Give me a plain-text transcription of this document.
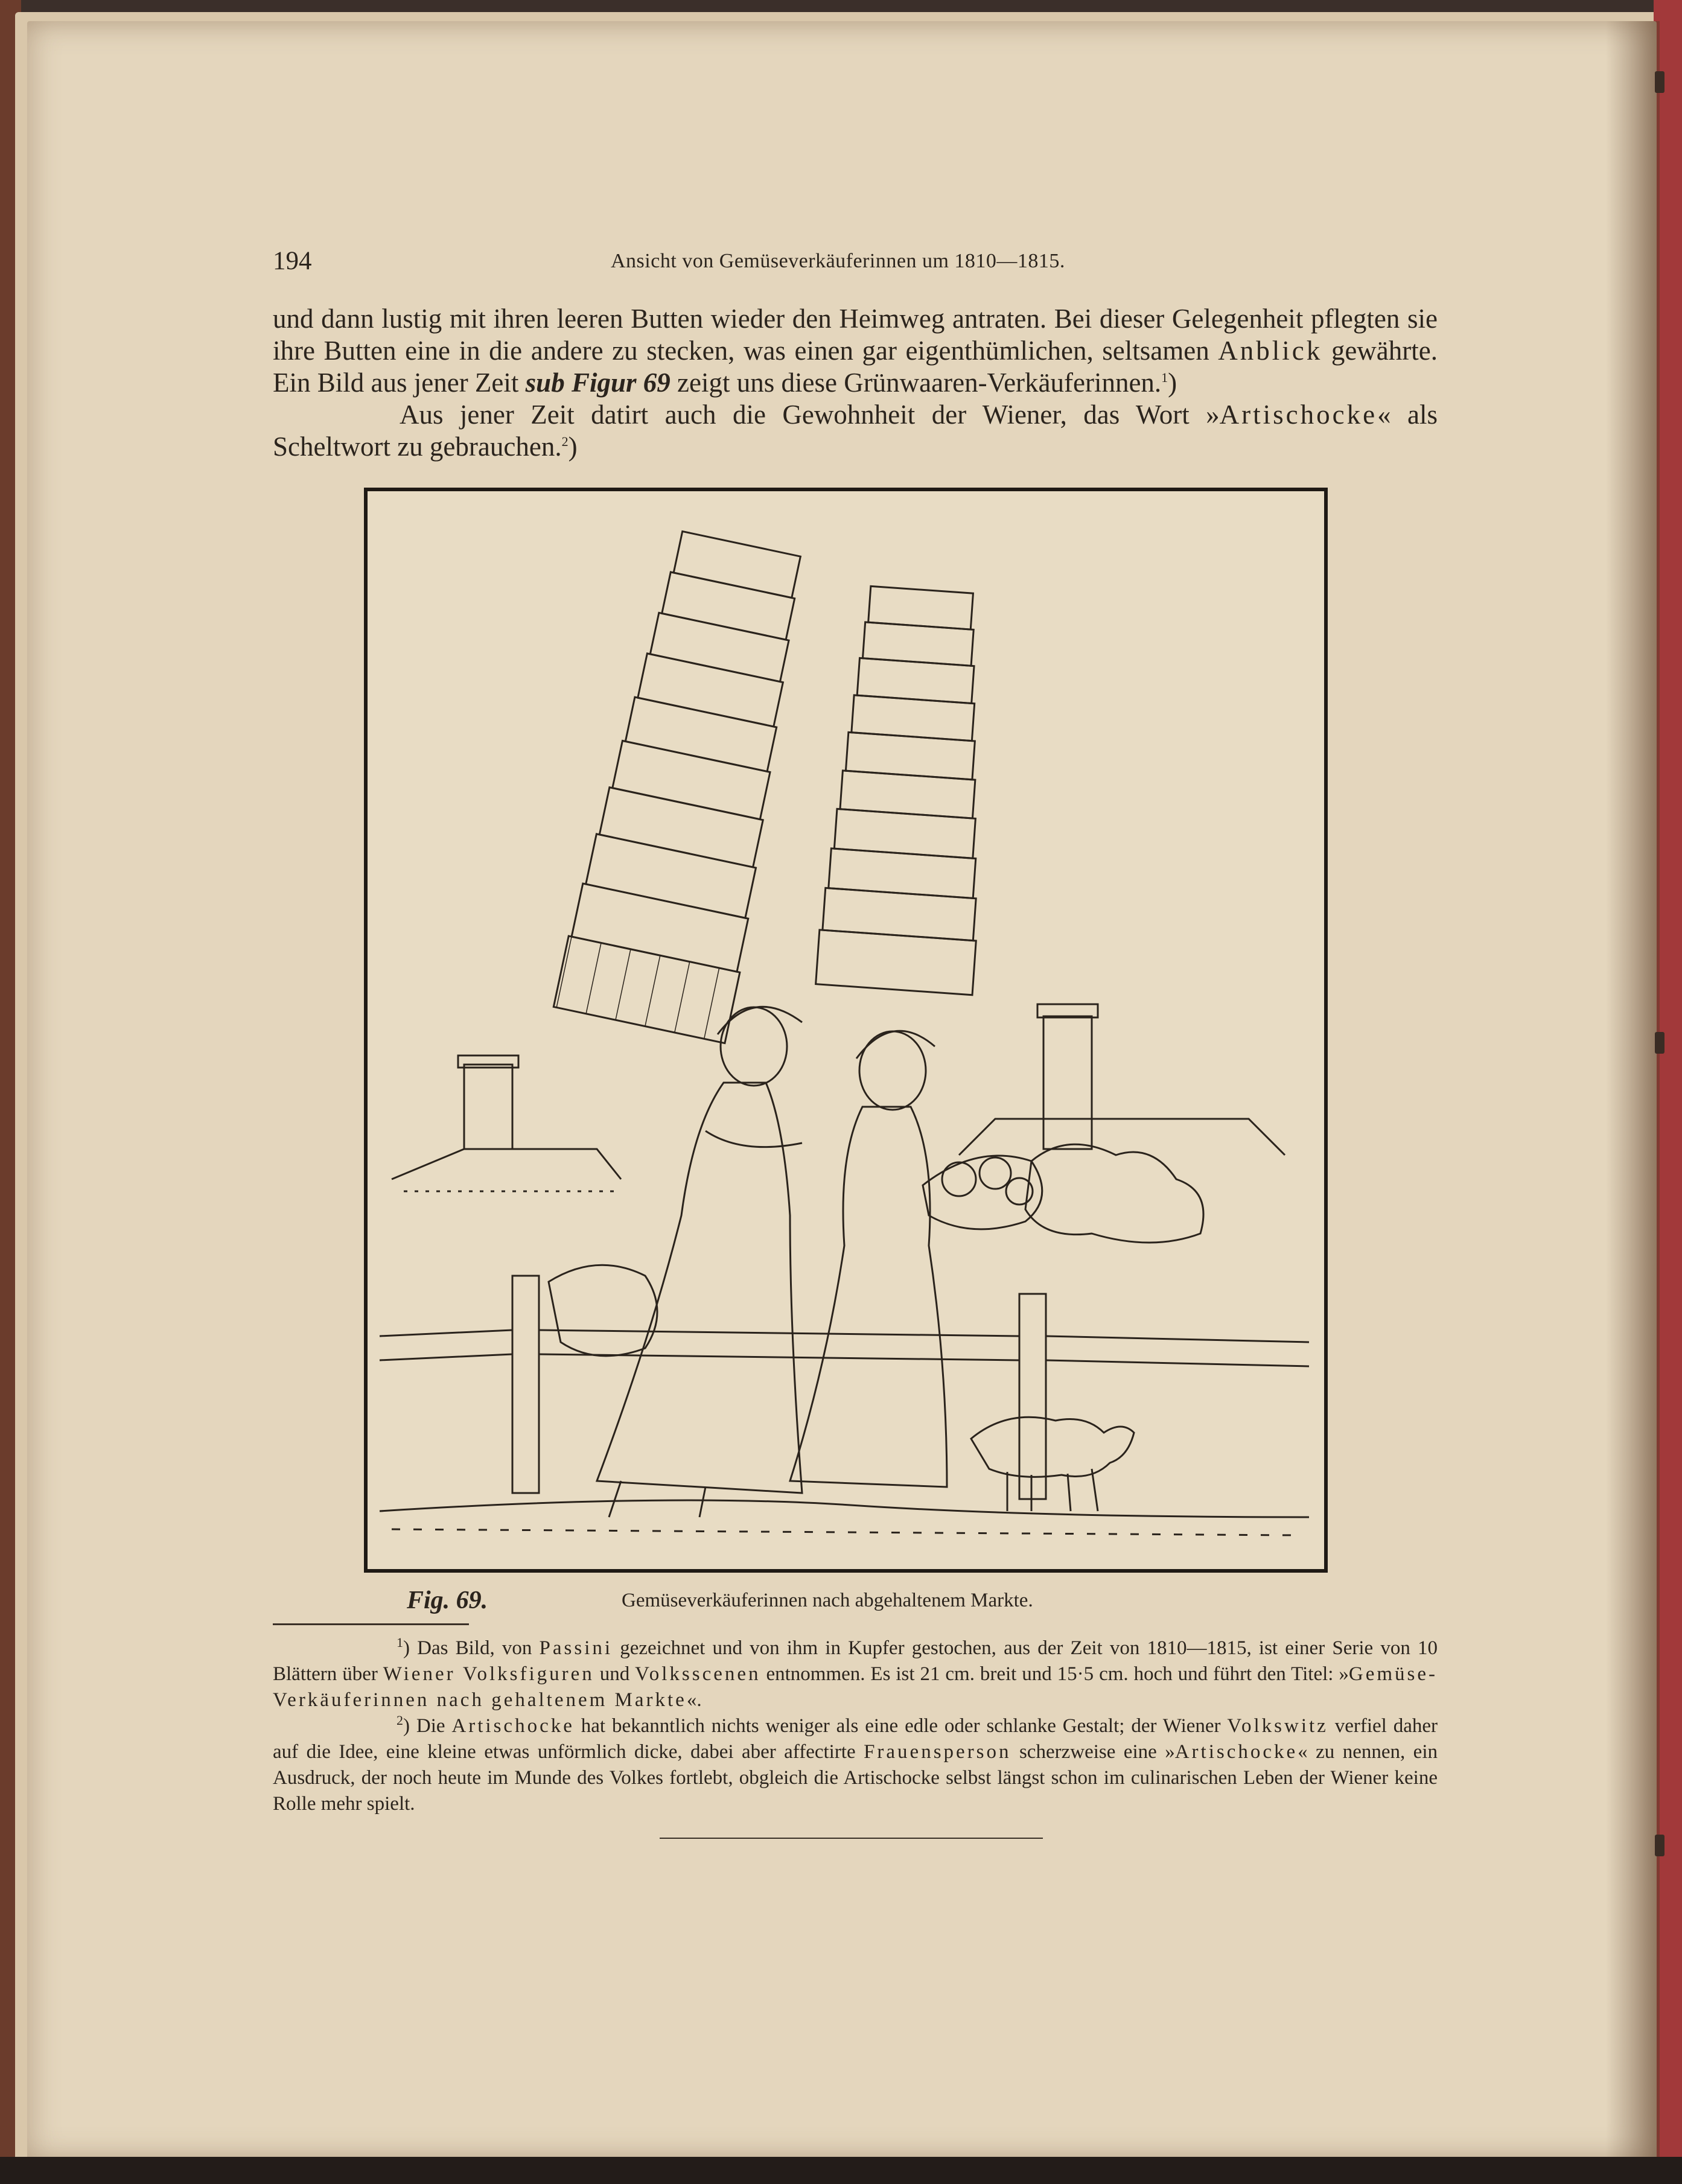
194	Ansicht von Gemüseverkäuferinnen um 1810—1815.

und dann lustig mit ihren leeren Butten wieder den Heimweg antraten. Bei dieser Gelegenheit pflegten sie ihre Butten eine in die andere zu stecken, was einen gar eigenthümlichen, seltsamen Anblick gewährte. Ein Bild aus jener Zeit sub Figur 69 zeigt uns diese Grünwaaren-Verkäuferinnen.$^1$)

Aus jener Zeit datirt auch die Gewohnheit der Wiener, das Wort »Artischocke« als Scheltwort zu gebrauchen.$^2$)

Fig. 69.	Gemüseverkäuferinnen nach abgehaltenem Markte.

$^1$) Das Bild, von Passini gezeichnet und von ihm in Kupfer gestochen, aus der Zeit von 1810—1815, ist einer Serie von 10 Blättern über Wiener Volksfiguren und Volksscenen entnommen. Es ist 21 cm. breit und 15·5 cm. hoch und führt den Titel: »Gemüse-Verkäuferinnen nach gehaltenem Markte«.

$^2$) Die Artischocke hat bekanntlich nichts weniger als eine edle oder schlanke Gestalt; der Wiener Volkswitz verfiel daher auf die Idee, eine kleine etwas unförmlich dicke, dabei aber affectirte Frauensperson scherzweise eine »Artischocke« zu nennen, ein Ausdruck, der noch heute im Munde des Volkes fortlebt, obgleich die Artischocke selbst längst schon im culinarischen Leben der Wiener keine Rolle mehr spielt.
